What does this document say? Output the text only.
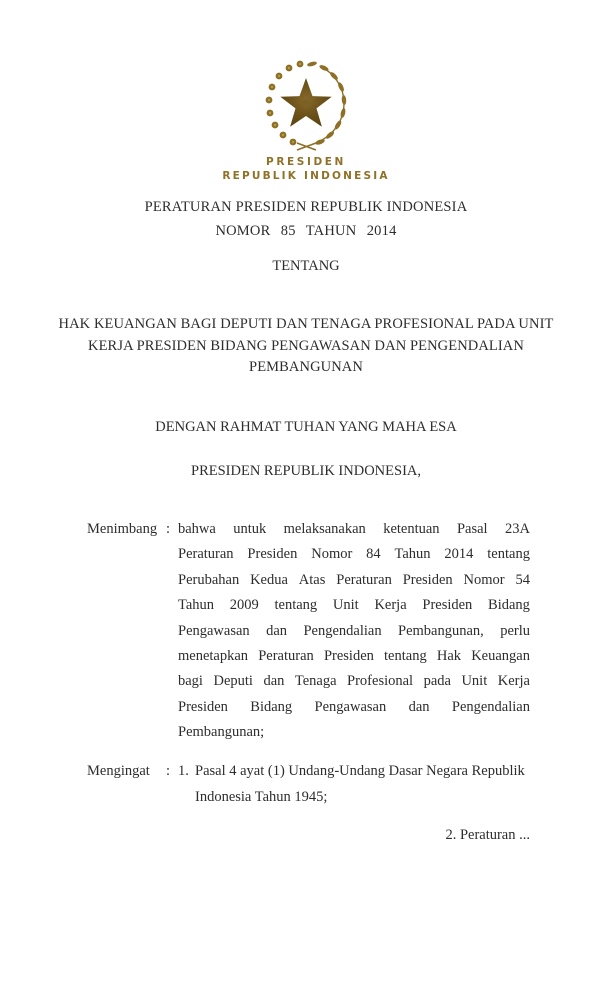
PRESIDEN
REPUBLIK INDONESIA
PERATURAN PRESIDEN REPUBLIK INDONESIA
NOMOR 85 TAHUN 2014
TENTANG
HAK KEUANGAN BAGI DEPUTI DAN TENAGA PROFESIONAL PADA UNIT
KERJA PRESIDEN BIDANG PENGAWASAN DAN PENGENDALIAN
PEMBANGUNAN
DENGAN RAHMAT TUHAN YANG MAHA ESA
PRESIDEN REPUBLIK INDONESIA,
Menimbang : bahwa untuk melaksanakan ketentuan Pasal 23A
Peraturan Presiden Nomor 84 Tahun 2014 tentang
Perubahan Kedua Atas Peraturan Presiden Nomor 54
Tahun 2009 tentang Unit Kerja Presiden Bidang
Pengawasan dan Pengendalian Pembangunan, perlu
menetapkan Peraturan Presiden tentang Hak Keuangan
bagi Deputi dan Tenaga Profesional pada Unit Kerja
Presiden Bidang Pengawasan dan Pengendalian
Pembangunan;
Mengingat	: 1. Pasal 4 ayat (1) Undang-Undang Dasar Negara Republik
Indonesia Tahun 1945;
2. Peraturan ...
